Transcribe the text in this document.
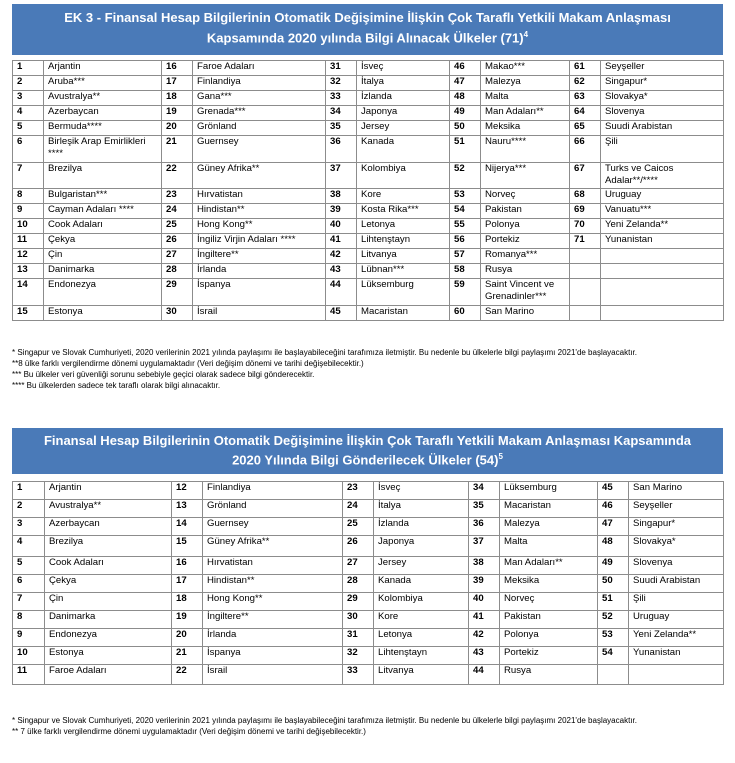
EK 3 - Finansal Hesap Bilgilerinin Otomatik Değişimine İlişkin Çok Taraflı Yetkili Makam Anlaşması
Kapsamında 2020 yılında Bilgi Alınacak Ülkeler $(71)^4$
1	Arjantin	16	Faroe Adaları	31	İsveç	46	Makao***	61	Seyşeller
2	Aruba***	17	Finlandiya	32	İtalya	47	Malezya	62	Singapur*
3	Avustralya**	18	Gana***	33	İzlanda	48	Malta	63	Slovakya*
4	Azerbaycan	19	Grenada***	34	Japonya	49	Man Adaları**	64	Slovenya
5	Bermuda****	20	Grönland	35	Jersey	50	Meksika	65	Suudi Arabistan
6	Birleşik Arap Emirlikleri ****	21	Guernsey	36	Kanada	51	Nauru****	66	Şili
7	Brezilya	22	Güney Afrika**	37	Kolombiya	52	Nijerya***	67	Turks ve Caicos Adalar**/****
8	Bulgaristan***	23	Hırvatistan	38	Kore	53	Norveç	68	Uruguay
9	Cayman Adaları ****	24	Hindistan**	39	Kosta Rika***	54	Pakistan	69	Vanuatu***
10	Cook Adaları	25	Hong Kong**	40	Letonya	55	Polonya	70	Yeni Zelanda**
11	Çekya	26	İngiliz Virjin Adaları ****	41	Lihtenştayn	56	Portekiz	71	Yunanistan
12	Çin	27	İngiltere**	42	Litvanya	57	Romanya***		
13	Danimarka	28	İrlanda	43	Lübnan***	58	Rusya		
14	Endonezya	29	İspanya	44	Lüksemburg	59	Saint Vincent ve Grenadinler***		
15	Estonya	30	İsrail	45	Macaristan	60	San Marino		

* Singapur ve Slovak Cumhuriyeti, 2020 verilerinin 2021 yılında paylaşımı ile başlayabileceğini tarafımıza iletmiştir. Bu nedenle bu ülkelerle bilgi paylaşımı 2021'de başlayacaktır.

**8 ülke farklı vergilendirme dönemi uygulamaktadır (Veri değişim dönemi ve tarihi değişebilecektir.)

*** Bu ülkeler veri güvenliği sorunu sebebiyle geçici olarak sadece bilgi gönderecektir.

**** Bu ülkelerden sadece tek taraflı olarak bilgi alınacaktır.

Finansal Hesap Bilgilerinin Otomatik Değişimine İlişkin Çok Taraflı Yetkili Makam Anlaşması Kapsamında
2020 Yılında Bilgi Gönderilecek Ülkeler $(54)^5$
1	Arjantin	12	Finlandiya	23	İsveç	34	Lüksemburg	45	San Marino
2	Avustralya**	13	Grönland	24	İtalya	35	Macaristan	46	Seyşeller
3	Azerbaycan	14	Guernsey	25	İzlanda	36	Malezya	47	Singapur*
4	Brezilya	15	Güney Afrika**	26	Japonya	37	Malta	48	Slovakya*
5	Cook Adaları	16	Hırvatistan	27	Jersey	38	Man Adaları**	49	Slovenya
6	Çekya	17	Hindistan**	28	Kanada	39	Meksika	50	Suudi Arabistan
7	Çin	18	Hong Kong**	29	Kolombiya	40	Norveç	51	Şili
8	Danimarka	19	İngiltere**	30	Kore	41	Pakistan	52	Uruguay
9	Endonezya	20	İrlanda	31	Letonya	42	Polonya	53	Yeni Zelanda**
10	Estonya	21	İspanya	32	Lihtenştayn	43	Portekiz	54	Yunanistan
11	Faroe Adaları	22	İsrail	33	Litvanya	44	Rusya		

* Singapur ve Slovak Cumhuriyeti, 2020 verilerinin 2021 yılında paylaşımı ile başlayabileceğini tarafımıza iletmiştir. Bu nedenle bu ülkelerle bilgi paylaşımı 2021'de başlayacaktır.

** 7 ülke farklı vergilendirme dönemi uygulamaktadır (Veri değişim dönemi ve tarihi değişebilecektir.)
